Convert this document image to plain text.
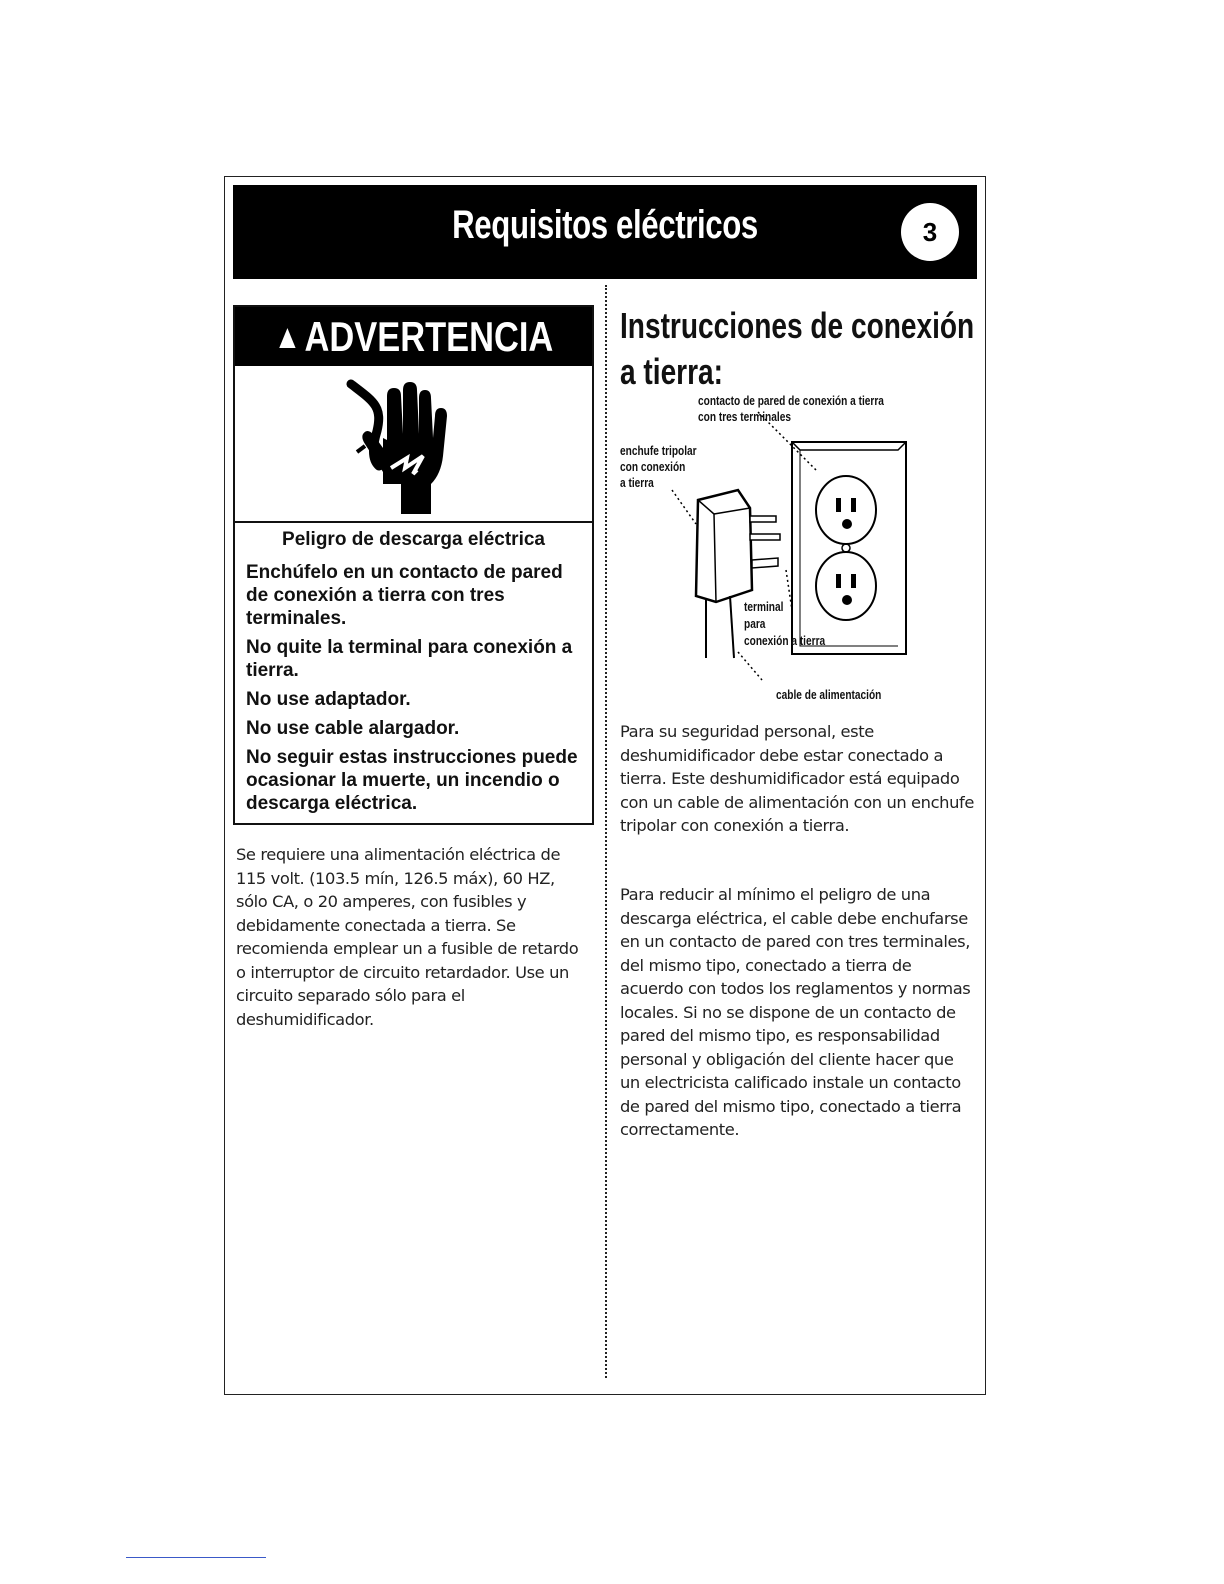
Requisitos eléctricos	3
▲ADVERTENCIA
Peligro de descarga eléctrica
Enchúfelo en un contacto de pared de conexión a tierra con tres terminales.
No quite la terminal para conexión a tierra.
No use adaptador.
No use cable alargador.
No seguir estas instrucciones puede ocasionar la muerte, un incendio o descarga eléctrica.
Se requiere una alimentación eléctrica de 115 volt. (103.5 mín, 126.5 máx), 60 HZ, sólo CA, o 20 amperes, con fusibles y debidamente conectada a tierra. Se recomienda emplear un a fusible de retardo o interruptor de circuito retardador. Use un circuito separado sólo para el deshumidificador.
Instrucciones de conexión
a tierra:
contacto de pared de conexión a tierra
con tres terminales
enchufe tripolar
con conexión
a tierra
terminal
para
conexión a tierra
cable de alimentación
Para su seguridad personal, este deshumidificador debe estar conectado a tierra. Este deshumidificador está equipado con un cable de alimentación con un enchufe tripolar con conexión a tierra.
Para reducir al mínimo el peligro de una descarga eléctrica, el cable debe enchufarse en un contacto de pared con tres terminales, del mismo tipo, conectado a tierra de acuerdo con todos los reglamentos y normas locales. Si no se dispone de un contacto de pared del mismo tipo, es responsabilidad personal y obligación del cliente hacer que un electricista calificado instale un contacto de pared del mismo tipo, conectado a tierra correctamente.
